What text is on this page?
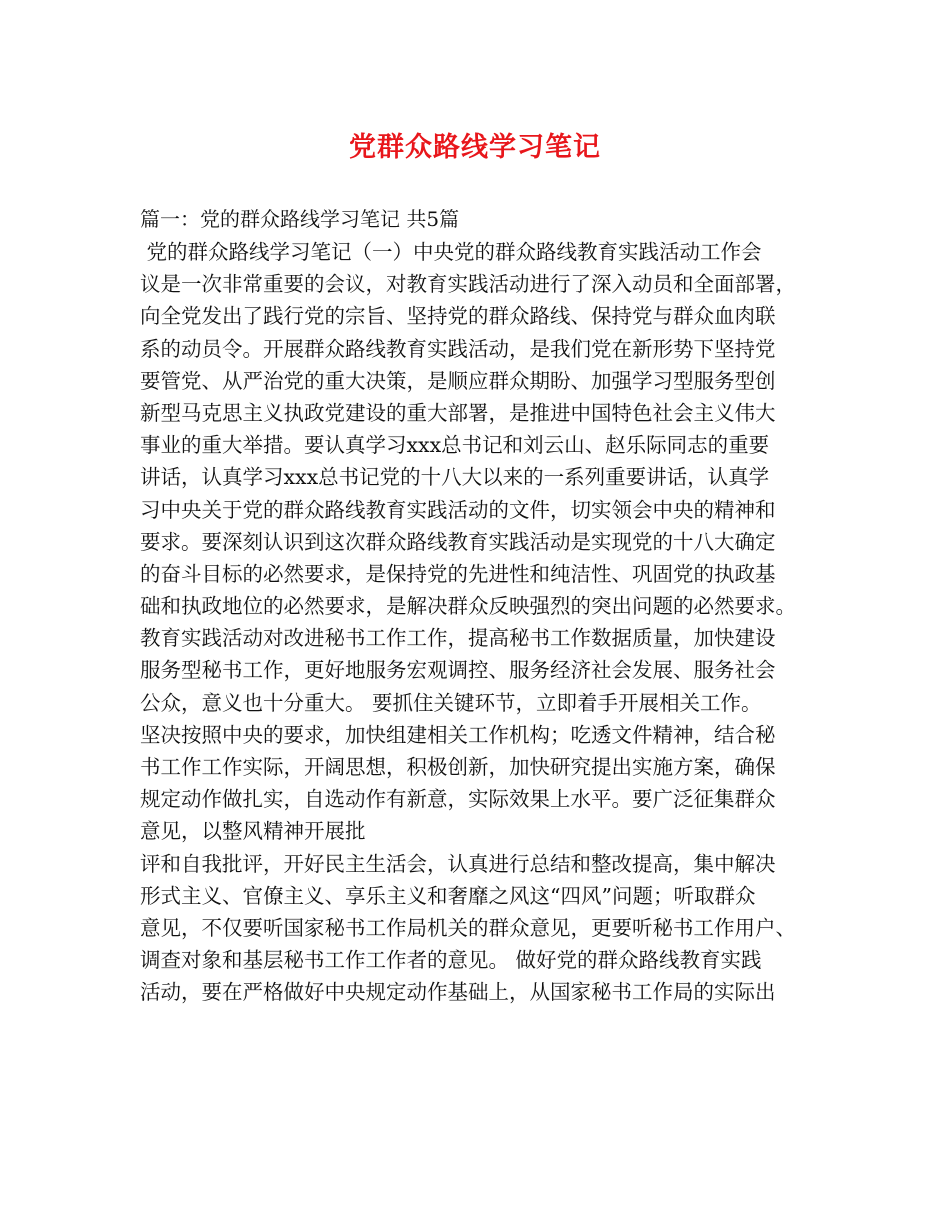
党群众路线学习笔记
篇一：党的群众路线学习笔记 共5篇
党的群众路线学习笔记（一）中央党的群众路线教育实践活动工作会
议是一次非常重要的会议，对教育实践活动进行了深入动员和全面部署，
向全党发出了践行党的宗旨、坚持党的群众路线、保持党与群众血肉联
系的动员令。开展群众路线教育实践活动，是我们党在新形势下坚持党
要管党、从严治党的重大决策，是顺应群众期盼、加强学习型服务型创
新型马克思主义执政党建设的重大部署，是推进中国特色社会主义伟大
事业的重大举措。要认真学习xxx总书记和刘云山、赵乐际同志的重要
讲话，认真学习xxx总书记党的十八大以来的一系列重要讲话，认真学
习中央关于党的群众路线教育实践活动的文件，切实领会中央的精神和
要求。要深刻认识到这次群众路线教育实践活动是实现党的十八大确定
的奋斗目标的必然要求，是保持党的先进性和纯洁性、巩固党的执政基
础和执政地位的必然要求，是解决群众反映强烈的突出问题的必然要求。
教育实践活动对改进秘书工作工作，提高秘书工作数据质量，加快建设
服务型秘书工作，更好地服务宏观调控、服务经济社会发展、服务社会
公众，意义也十分重大。 要抓住关键环节，立即着手开展相关工作。
坚决按照中央的要求，加快组建相关工作机构；吃透文件精神，结合秘
书工作工作实际，开阔思想，积极创新，加快研究提出实施方案，确保
规定动作做扎实，自选动作有新意，实际效果上水平。要广泛征集群众
意见，以整风精神开展批
评和自我批评，开好民主生活会，认真进行总结和整改提高，集中解决
形式主义、官僚主义、享乐主义和奢靡之风这“四风”问题；听取群众
意见，不仅要听国家秘书工作局机关的群众意见，更要听秘书工作用户、
调查对象和基层秘书工作工作者的意见。 做好党的群众路线教育实践
活动，要在严格做好中央规定动作基础上，从国家秘书工作局的实际出
